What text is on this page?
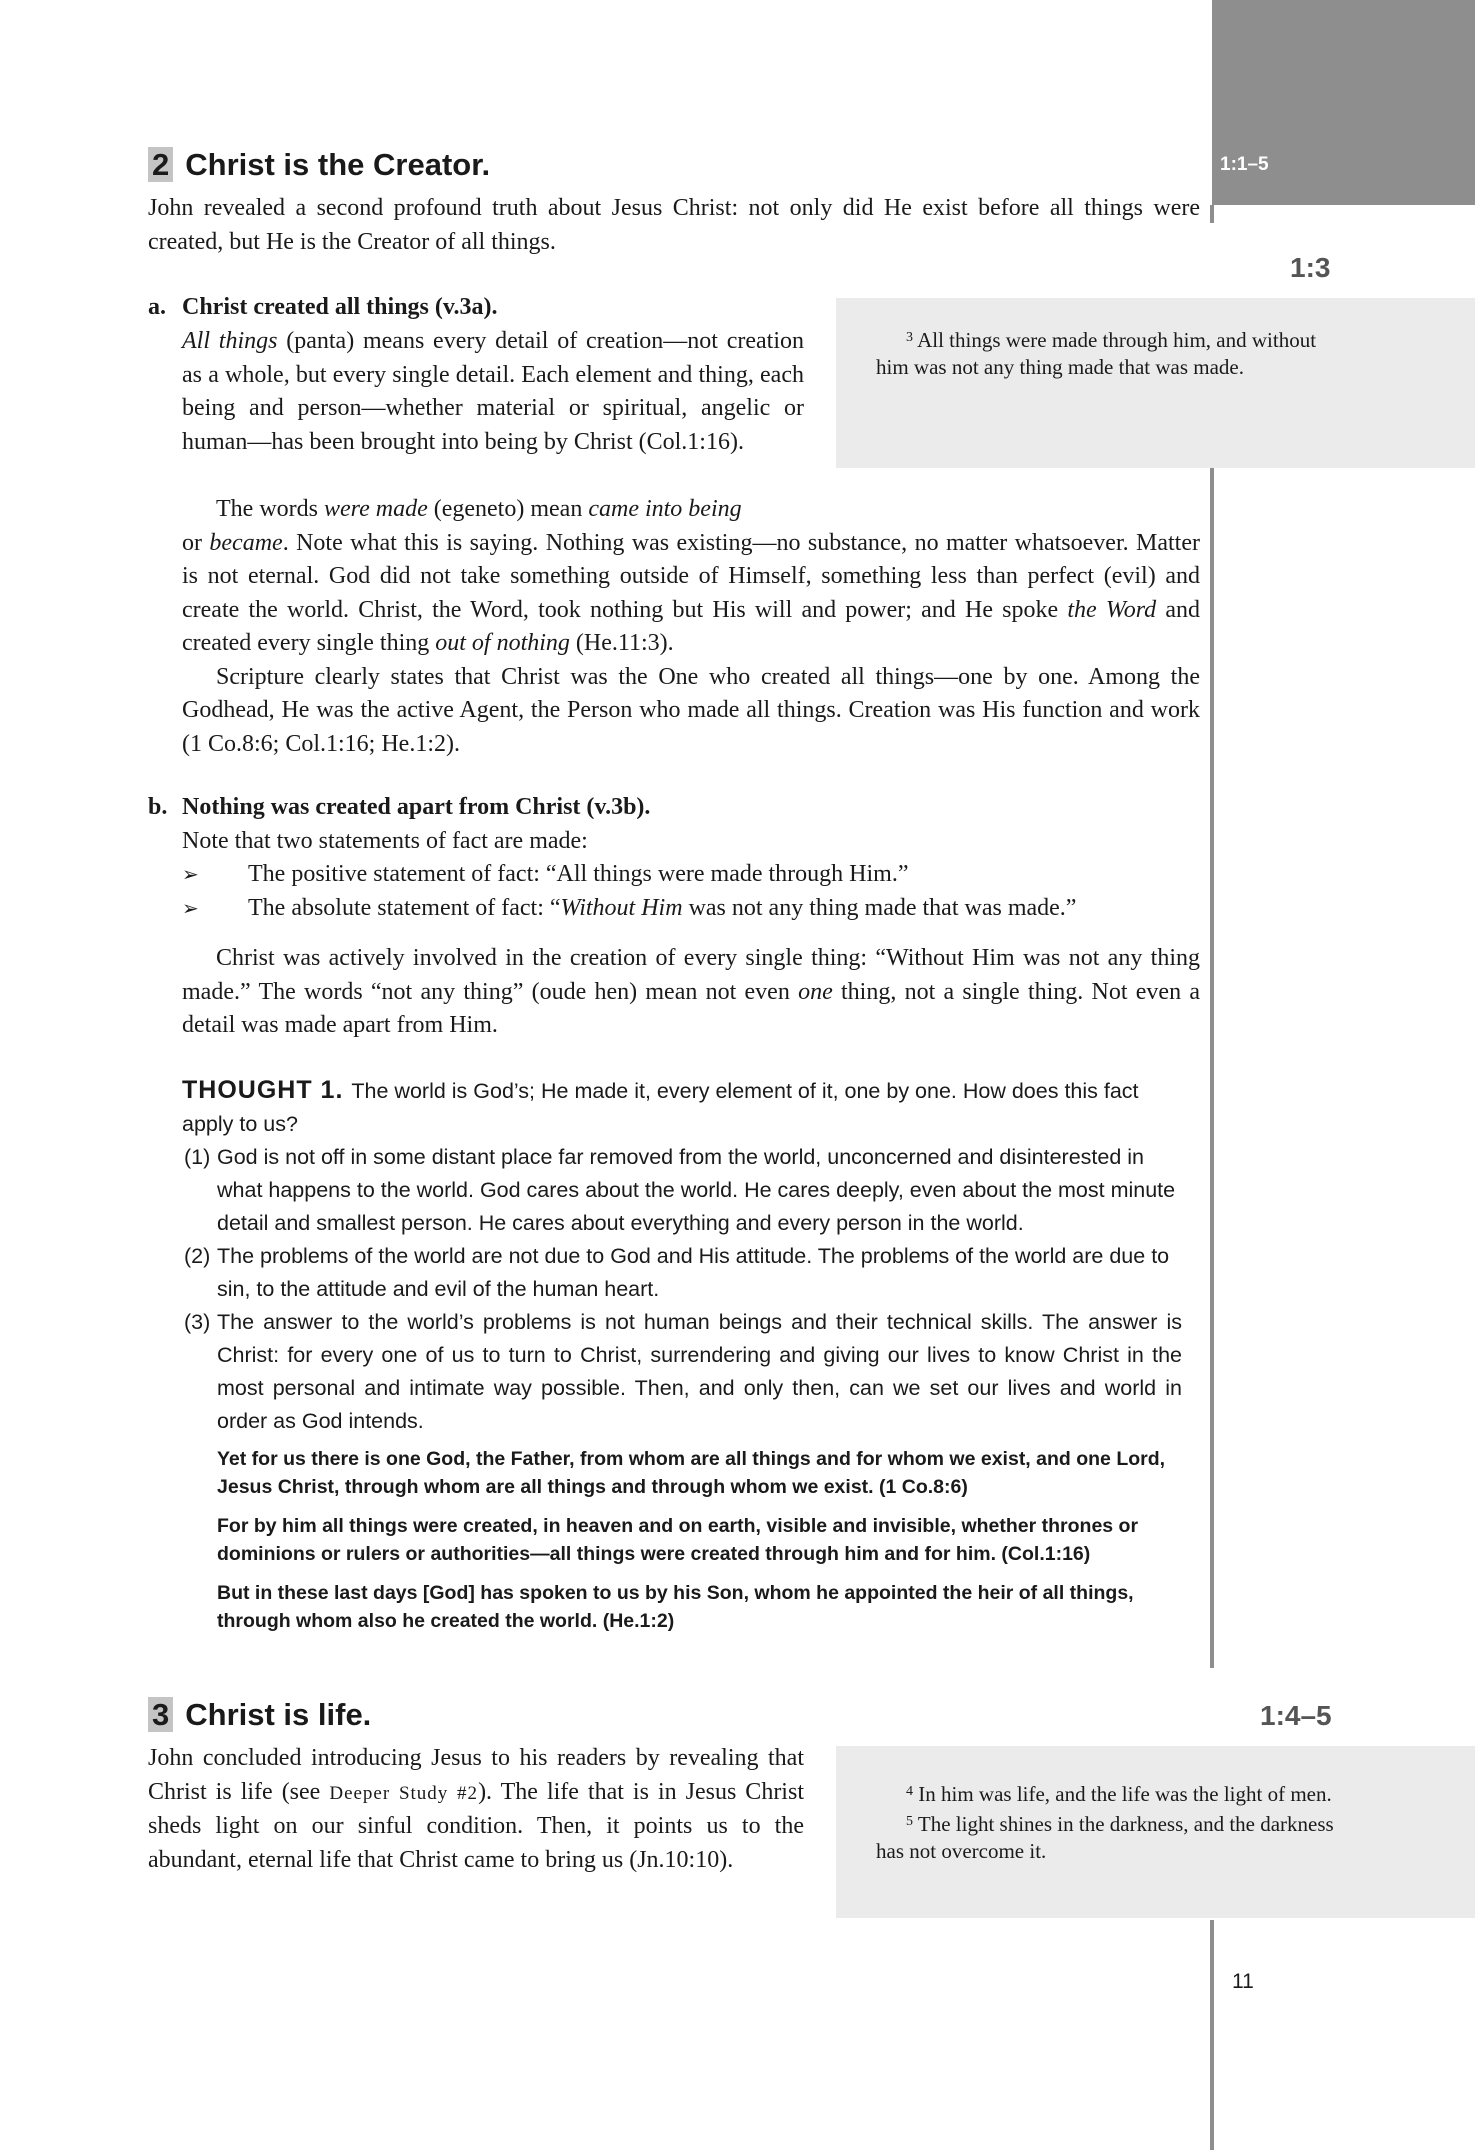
1:1–5
2 Christ is the Creator.

John revealed a second profound truth about Jesus Christ: not only did He exist before all things were created, but He is the Creator of all things.

1:3

$^3$ All things were made through him, and without him was not any thing made that was made.

a. Christ created all things (v.3a).

All things (panta) means every detail of creation—not creation as a whole, but every single detail. Each element and thing, each being and person—whether material or spiritual, angelic or human—has been brought into being by Christ (Col.1:16).

The words were made (egeneto) mean came into being

or became. Note what this is saying. Nothing was existing—no substance, no matter whatsoever. Matter is not eternal. God did not take something outside of Himself, something less than perfect (evil) and create the world. Christ, the Word, took nothing but His will and power; and He spoke the Word and created every single thing out of nothing (He.11:3).

Scripture clearly states that Christ was the One who created all things—one by one. Among the Godhead, He was the active Agent, the Person who made all things. Creation was His function and work (1 Co.8:6; Col.1:16; He.1:2).

b. Nothing was created apart from Christ (v.3b).

Note that two statements of fact are made:

➢ The positive statement of fact: “All things were made through Him.”
➢ The absolute statement of fact: “Without Him was not any thing made that was made.”

Christ was actively involved in the creation of every single thing: “Without Him was not any thing made.” The words “not any thing” (oude hen) mean not even one thing, not a single thing. Not even a detail was made apart from Him.

THOUGHT 1. The world is God’s; He made it, every element of it, one by one. How does this fact apply to us?

(1) God is not off in some distant place far removed from the world, unconcerned and disinterested in what happens to the world. God cares about the world. He cares deeply, even about the most minute detail and smallest person. He cares about everything and every person in the world.
(2) The problems of the world are not due to God and His attitude. The problems of the world are due to sin, to the attitude and evil of the human heart.
(3) The answer to the world’s problems is not human beings and their technical skills. The answer is Christ: for every one of us to turn to Christ, surrendering and giving our lives to know Christ in the most personal and intimate way possible. Then, and only then, can we set our lives and world in order as God intends.

Yet for us there is one God, the Father, from whom are all things and for whom we exist, and one Lord, Jesus Christ, through whom are all things and through whom we exist. (1 Co.8:6)

For by him all things were created, in heaven and on earth, visible and invisible, whether thrones or dominions or rulers or authorities—all things were created through him and for him. (Col.1:16)

But in these last days [God] has spoken to us by his Son, whom he appointed the heir of all things, through whom also he created the world. (He.1:2)

3 Christ is life.	1:4–5

John concluded introducing Jesus to his readers by revealing that Christ is life (see Deeper Study #2). The life that is in Jesus Christ sheds light on our sinful condition. Then, it points us to the abundant, eternal life that Christ came to bring us (Jn.10:10).

$^4$ In him was life, and the life was the light of men.

$^5$ The light shines in the darkness, and the darkness has not overcome it.

11
